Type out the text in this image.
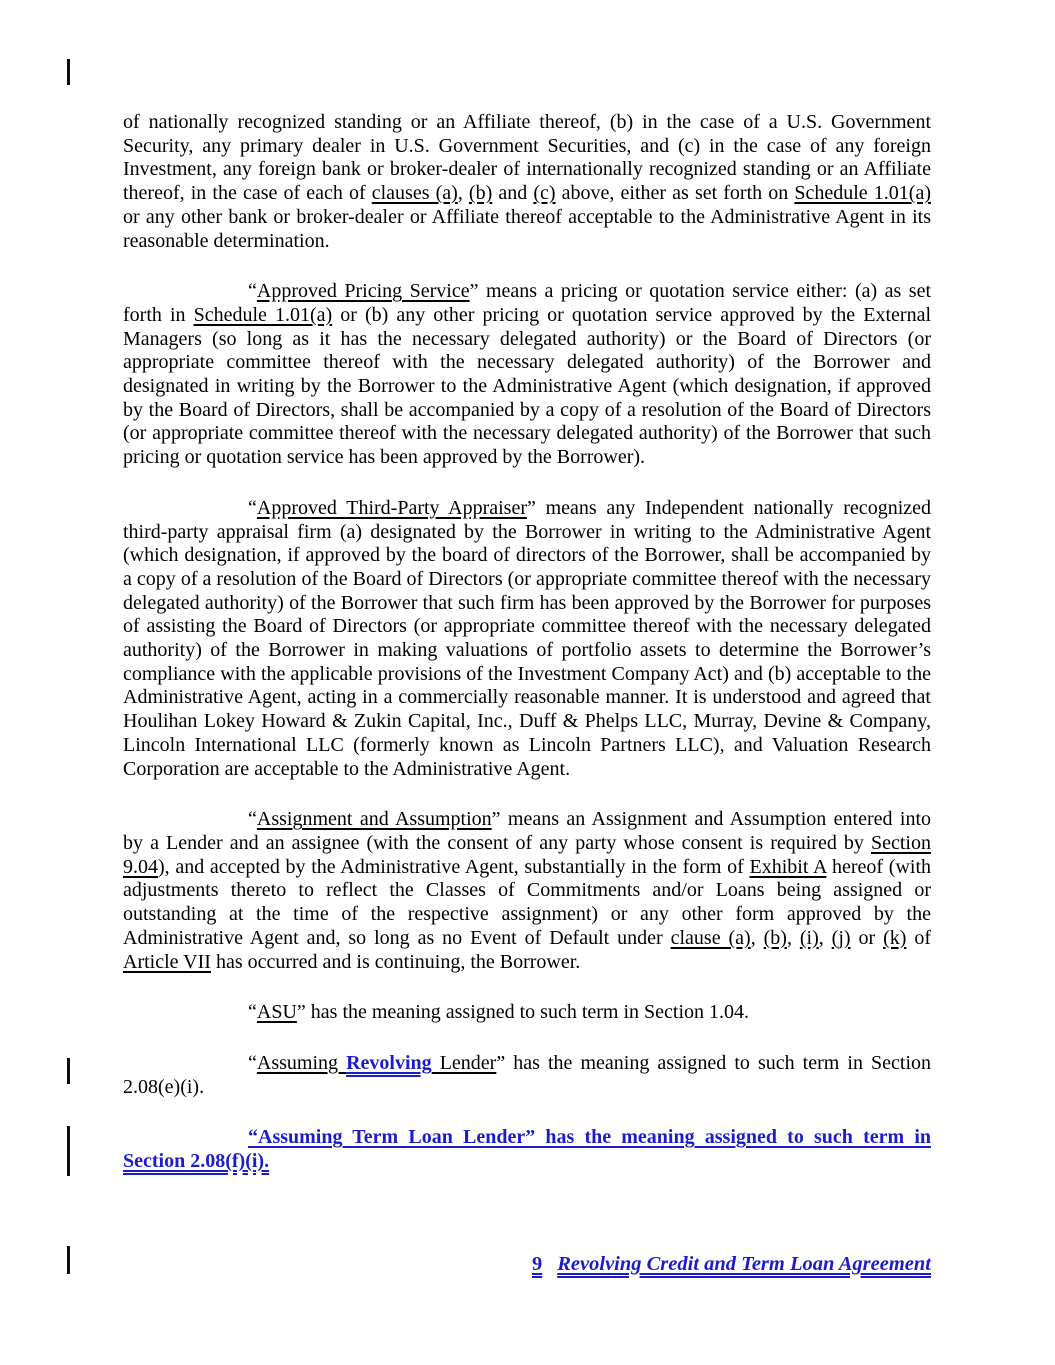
of nationally recognized standing or an Affiliate thereof, (b) in the case of a U.S. Government Security, any primary dealer in U.S. Government Securities, and (c) in the case of any foreign Investment, any foreign bank or broker-dealer of internationally recognized standing or an Affiliate thereof, in the case of each of clauses (a), (b) and (c) above, either as set forth on Schedule 1.01(a) or any other bank or broker-dealer or Affiliate thereof acceptable to the Administrative Agent in its reasonable determination.

“Approved Pricing Service” means a pricing or quotation service either: (a) as set forth in Schedule 1.01(a) or (b) any other pricing or quotation service approved by the External Managers (so long as it has the necessary delegated authority) or the Board of Directors (or appropriate committee thereof with the necessary delegated authority) of the Borrower and designated in writing by the Borrower to the Administrative Agent (which designation, if approved by the Board of Directors, shall be accompanied by a copy of a resolution of the Board of Directors (or appropriate committee thereof with the necessary delegated authority) of the Borrower that such pricing or quotation service has been approved by the Borrower).

“Approved Third-Party Appraiser” means any Independent nationally recognized third-party appraisal firm (a) designated by the Borrower in writing to the Administrative Agent (which designation, if approved by the board of directors of the Borrower, shall be accompanied by a copy of a resolution of the Board of Directors (or appropriate committee thereof with the necessary delegated authority) of the Borrower that such firm has been approved by the Borrower for purposes of assisting the Board of Directors (or appropriate committee thereof with the necessary delegated authority) of the Borrower in making valuations of portfolio assets to determine the Borrower’s compliance with the applicable provisions of the Investment Company Act) and (b) acceptable to the Administrative Agent, acting in a commercially reasonable manner. It is understood and agreed that Houlihan Lokey Howard & Zukin Capital, Inc., Duff & Phelps LLC, Murray, Devine & Company, Lincoln International LLC (formerly known as Lincoln Partners LLC), and Valuation Research Corporation are acceptable to the Administrative Agent.

“Assignment and Assumption” means an Assignment and Assumption entered into by a Lender and an assignee (with the consent of any party whose consent is required by Section 9.04), and accepted by the Administrative Agent, substantially in the form of Exhibit A hereof (with adjustments thereto to reflect the Classes of Commitments and/or Loans being assigned or outstanding at the time of the respective assignment) or any other form approved by the Administrative Agent and, so long as no Event of Default under clause (a), (b), (i), (j) or (k) of Article VII has occurred and is continuing, the Borrower.

“ASU” has the meaning assigned to such term in Section 1.04.

“Assuming Revolving Lender” has the meaning assigned to such term in Section 2.08(e)(i).

“Assuming Term Loan Lender” has the meaning assigned to such term in Section 2.08(f)(i).

9 Revolving Credit and Term Loan Agreement
